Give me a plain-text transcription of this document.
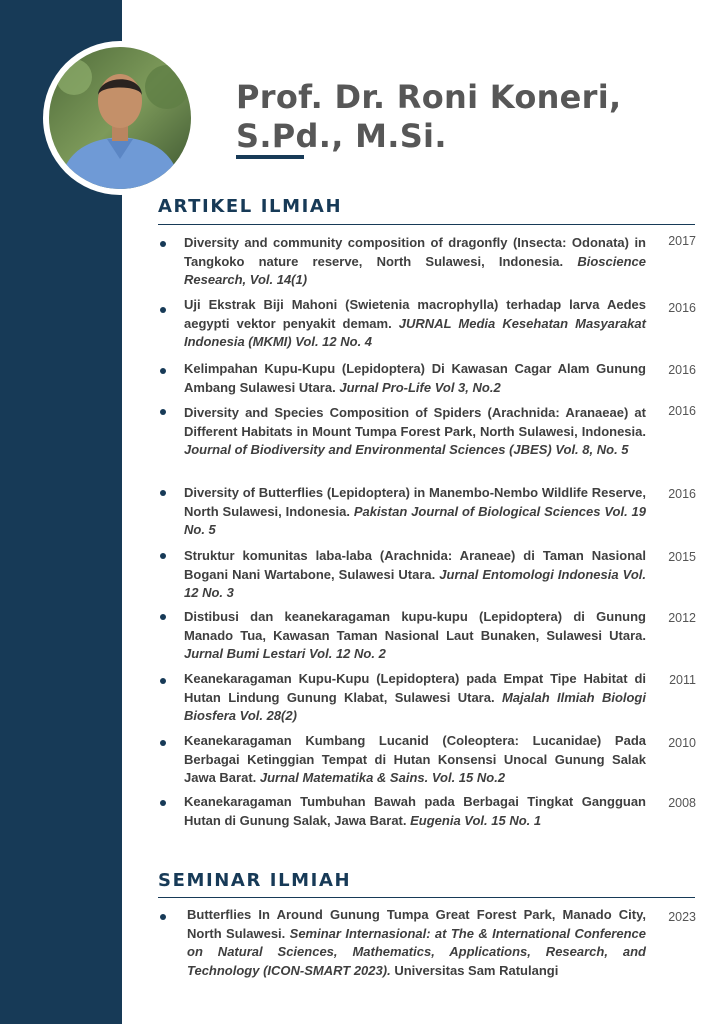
Prof. Dr. Roni Koneri,
S.Pd., M.Si.
ARTIKEL ILMIAH
Diversity and community composition of dragonfly (Insecta: Odonata) in Tangkoko nature reserve, North Sulawesi, Indonesia. Bioscience Research, Vol. 14(1)
2017
Uji Ekstrak Biji Mahoni (Swietenia macrophylla) terhadap larva Aedes aegypti vektor penyakit demam. JURNAL Media Kesehatan Masyarakat Indonesia (MKMI) Vol. 12 No. 4
2016
Kelimpahan Kupu-Kupu (Lepidoptera) Di Kawasan Cagar Alam Gunung Ambang Sulawesi Utara. Jurnal Pro-Life Vol 3, No.2
2016
Diversity and Species Composition of Spiders (Arachnida: Aranaeae) at Different Habitats in Mount Tumpa Forest Park, North Sulawesi, Indonesia. Journal of Biodiversity and Environmental Sciences (JBES) Vol. 8, No. 5
2016
Diversity of Butterflies (Lepidoptera) in Manembo-Nembo Wildlife Reserve, North Sulawesi, Indonesia. Pakistan Journal of Biological Sciences Vol. 19 No. 5
2016
Struktur komunitas laba-laba (Arachnida: Araneae) di Taman Nasional Bogani Nani Wartabone, Sulawesi Utara. Jurnal Entomologi Indonesia Vol. 12 No. 3
2015
Distibusi dan keanekaragaman kupu-kupu (Lepidoptera) di Gunung Manado Tua, Kawasan Taman Nasional Laut Bunaken, Sulawesi Utara. Jurnal Bumi Lestari Vol. 12 No. 2
2012
Keanekaragaman Kupu-Kupu (Lepidoptera) pada Empat Tipe Habitat di Hutan Lindung Gunung Klabat, Sulawesi Utara. Majalah Ilmiah Biologi Biosfera Vol. 28(2)
2011
Keanekaragaman Kumbang Lucanid (Coleoptera: Lucanidae) Pada Berbagai Ketinggian Tempat di Hutan Konsensi Unocal Gunung Salak Jawa Barat. Jurnal Matematika & Sains. Vol. 15 No.2
2010
Keanekaragaman Tumbuhan Bawah pada Berbagai Tingkat Gangguan Hutan di Gunung Salak, Jawa Barat. Eugenia Vol. 15 No. 1
2008
SEMINAR ILMIAH
Butterflies In Around Gunung Tumpa Great Forest Park, Manado City, North Sulawesi. Seminar Internasional: at The & International Conference on Natural Sciences, Mathematics, Applications, Research, and Technology (ICON-SMART 2023). Universitas Sam Ratulangi
2023
